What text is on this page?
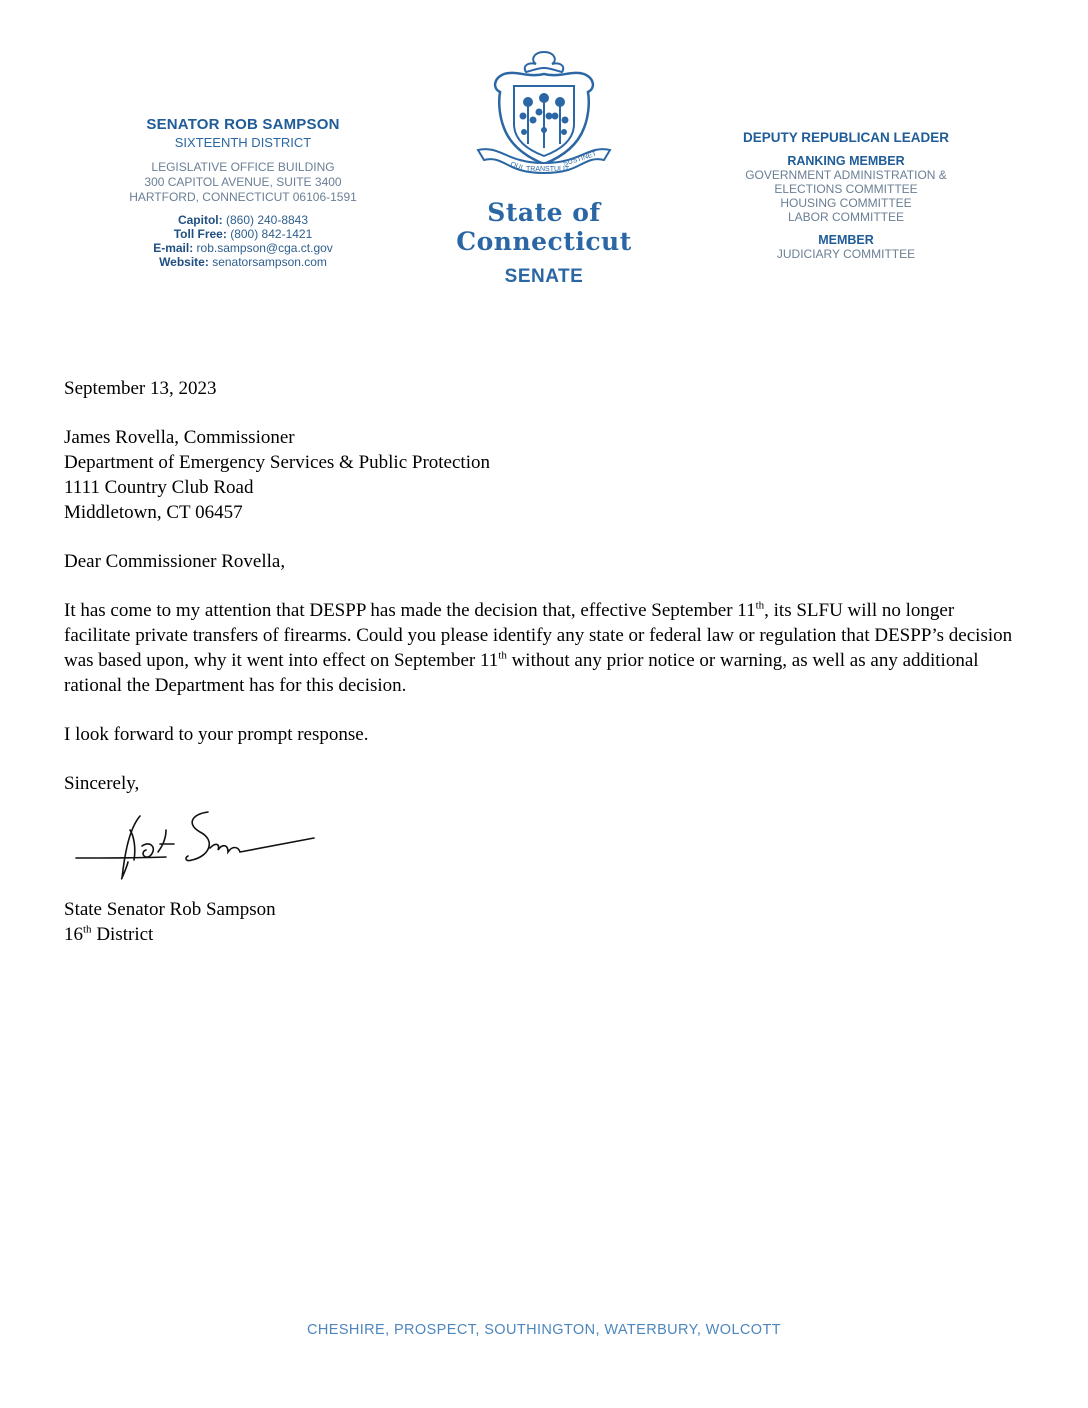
SENATOR ROB SAMPSON
SIXTEENTH DISTRICT
LEGISLATIVE OFFICE BUILDING
300 CAPITOL AVENUE, SUITE 3400
HARTFORD, CONNECTICUT 06106-1591
Capitol: (860) 240-8843
Toll Free: (800) 842-1421
E-mail: rob.sampson@cga.ct.gov
Website: senatorsampson.com
QUI TRANSTULIT
SUSTINET
State of Connecticut
SENATE
DEPUTY REPUBLICAN LEADER
RANKING MEMBER
GOVERNMENT ADMINISTRATION &
ELECTIONS COMMITTEE
HOUSING COMMITTEE
LABOR COMMITTEE
MEMBER
JUDICIARY COMMITTEE

September 13, 2023

James Rovella, Commissioner

Department of Emergency Services & Public Protection

1111 Country Club Road

Middletown, CT 06457

Dear Commissioner Rovella,

It has come to my attention that DESPP has made the decision that, effective September 11th, its SLFU will no longer facilitate private transfers of firearms. Could you please identify any state or federal law or regulation that DESPP’s decision was based upon, why it went into effect on September 11th without any prior notice or warning, as well as any additional rational the Department has for this decision.

I look forward to your prompt response.

Sincerely,

State Senator Rob Sampson
16th District
CHESHIRE, PROSPECT, SOUTHINGTON, WATERBURY, WOLCOTT
